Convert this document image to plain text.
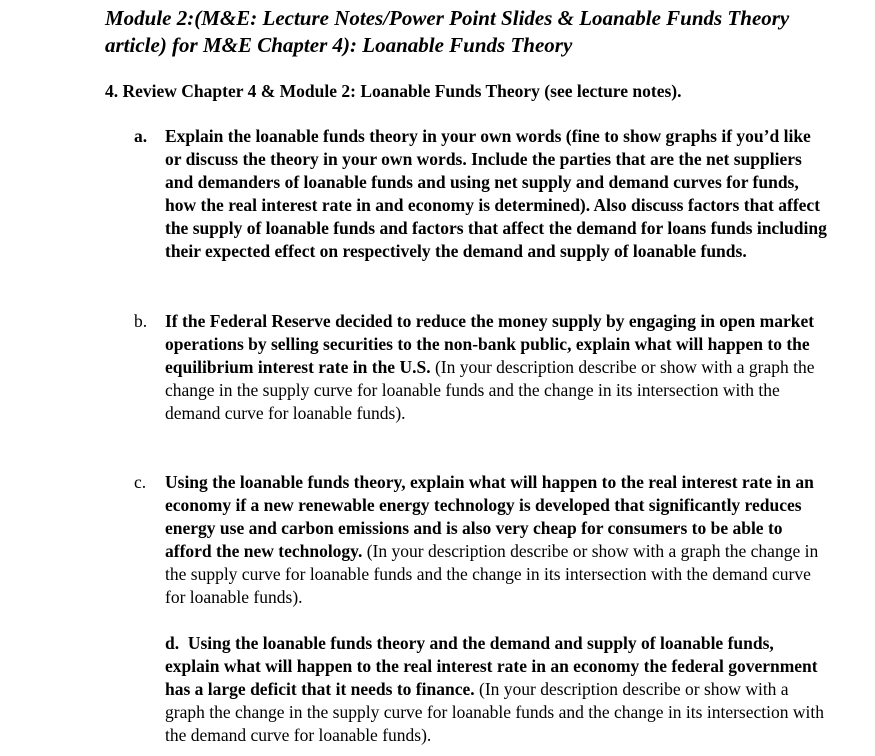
Module 2:(M&E: Lecture Notes/Power Point Slides & Loanable Funds Theory article) for M&E Chapter 4): Loanable Funds Theory
4. Review Chapter 4 & Module 2: Loanable Funds Theory (see lecture notes).
a.	Explain the loanable funds theory in your own words (fine to show graphs if you’d like or discuss the theory in your own words. Include the parties that are the net suppliers and demanders of loanable funds and using net supply and demand curves for funds, how the real interest rate in and economy is determined). Also discuss factors that affect the supply of loanable funds and factors that affect the demand for loans funds including their expected effect on respectively the demand and supply of loanable funds.
b.	If the Federal Reserve decided to reduce the money supply by engaging in open market operations by selling securities to the non-bank public, explain what will happen to the equilibrium interest rate in the U.S. (In your description describe or show with a graph the change in the supply curve for loanable funds and the change in its intersection with the demand curve for loanable funds).
c.	Using the loanable funds theory, explain what will happen to the real interest rate in an economy if a new renewable energy technology is developed that significantly reduces energy use and carbon emissions and is also very cheap for consumers to be able to afford the new technology. (In your description describe or show with a graph the change in the supply curve for loanable funds and the change in its intersection with the demand curve for loanable funds).
d.  Using the loanable funds theory and the demand and supply of loanable funds, explain what will happen to the real interest rate in an economy the federal government has a large deficit that it needs to finance. (In your description describe or show with a graph the change in the supply curve for loanable funds and the change in its intersection with the demand curve for loanable funds).
